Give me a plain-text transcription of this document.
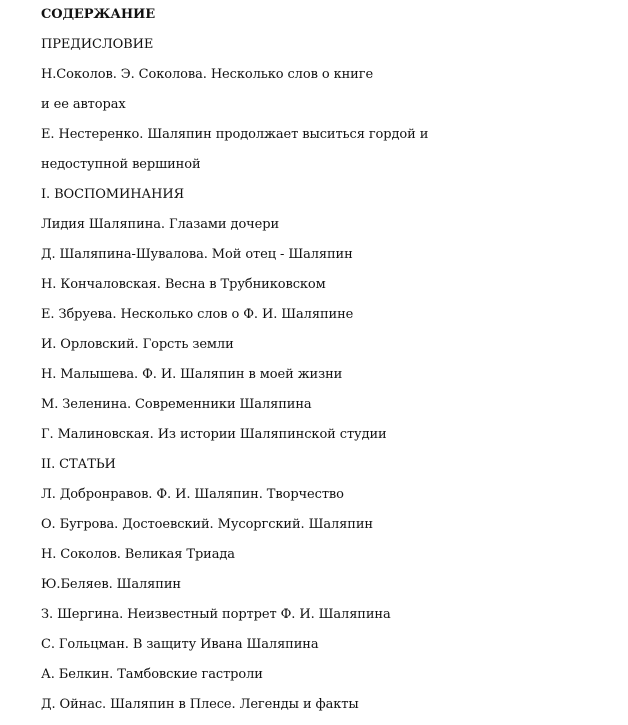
СОДЕРЖАНИЕ
ПРЕДИСЛОВИЕ
Н.Соколов. Э. Соколова. Несколько слов о книге
и ее авторах
Е. Нестеренко. Шаляпин продолжает выситься гордой и
недоступной вершиной
I. ВОСПОМИНАНИЯ
Лидия Шаляпина. Глазами дочери
Д. Шаляпина-Шувалова. Мой отец - Шаляпин
Н. Кончаловская. Весна в Трубниковском
Е. Збруева. Несколько слов о Ф. И. Шаляпине
И. Орловский. Горсть земли
Н. Малышева. Ф. И. Шаляпин в моей жизни
М. Зеленина. Современники Шаляпина
Г. Малиновская. Из истории Шаляпинской студии
II. СТАТЬИ
Л. Добронравов. Ф. И. Шаляпин. Творчество
О. Бугрова. Достоевский. Мусоргский. Шаляпин
Н. Соколов. Великая Триада
Ю.Беляев. Шаляпин
З. Шергина. Неизвестный портрет Ф. И. Шаляпина
С. Гольцман. В защиту Ивана Шаляпина
А. Белкин. Тамбовские гастроли
Д. Ойнас. Шаляпин в Плесе. Легенды и факты
